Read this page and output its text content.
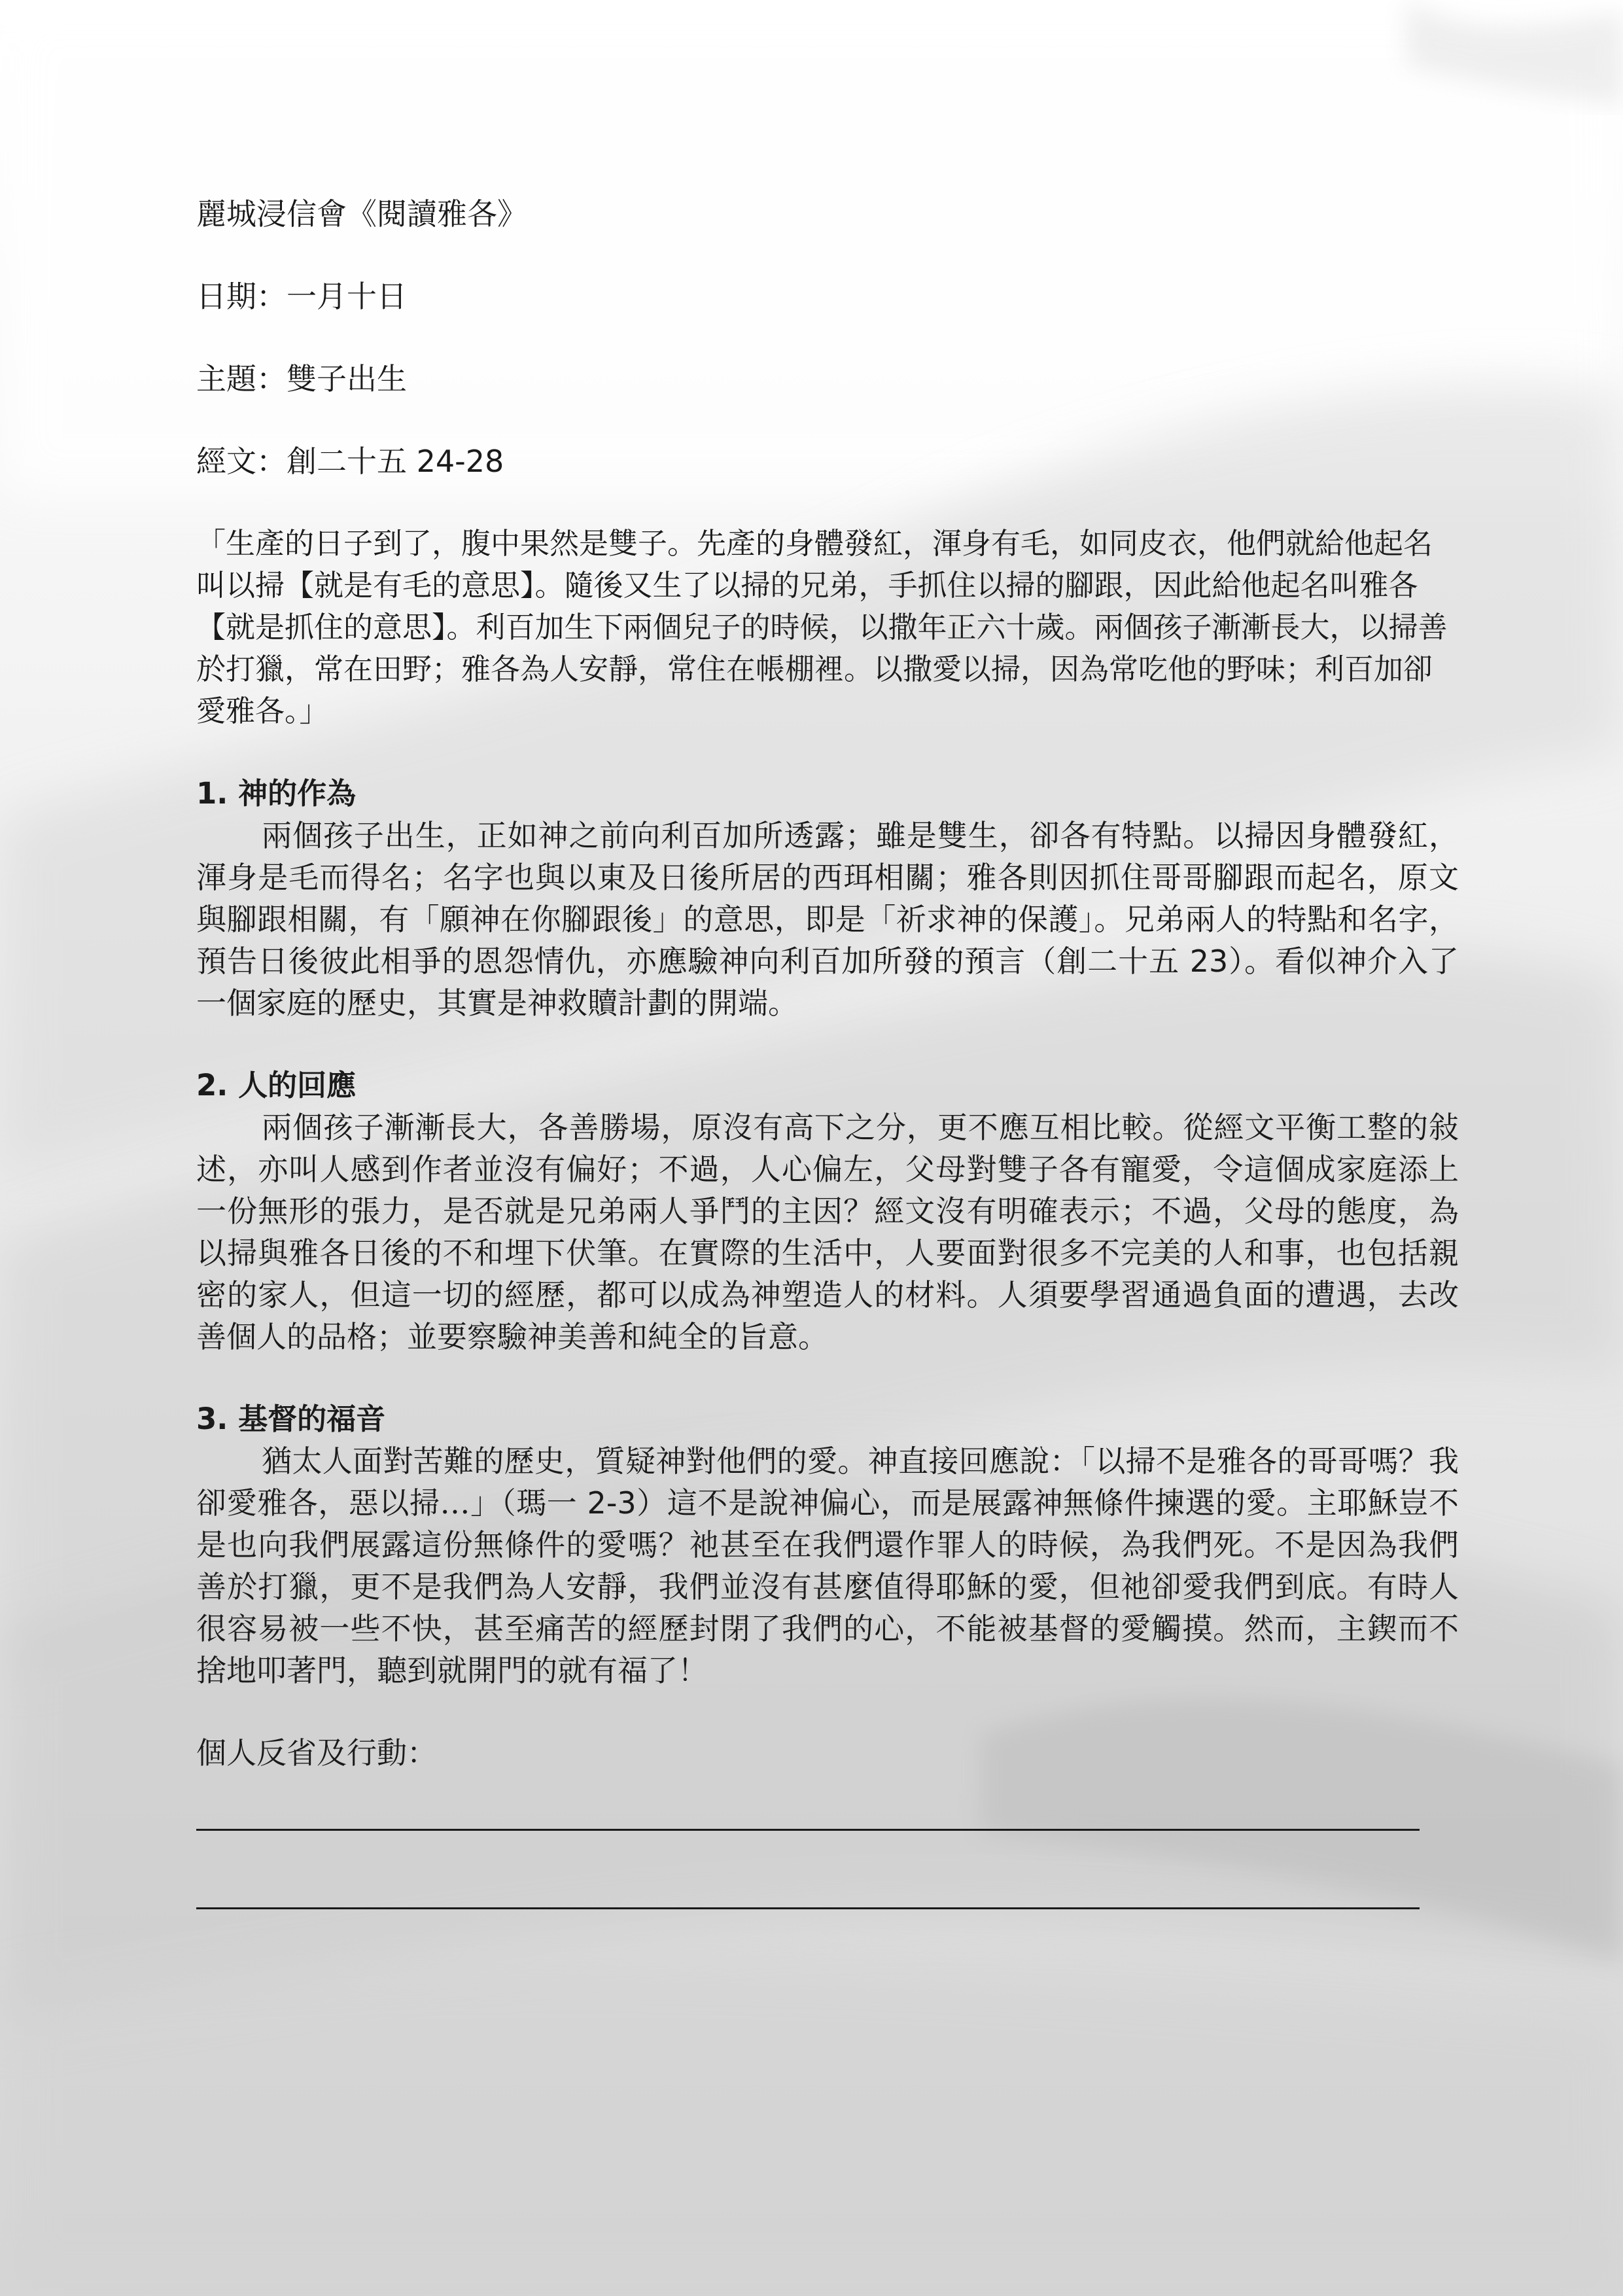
麗城浸信會《閱讀雅各》
日期：一月十日
主題：雙子出生
經文：創二十五 24-28
「生產的日子到了，腹中果然是雙子。先產的身體發紅，渾身有毛，如同皮衣，他們就給他起名叫以掃【就是有毛的意思】。隨後又生了以掃的兄弟，手抓住以掃的腳跟，因此給他起名叫雅各【就是抓住的意思】。利百加生下兩個兒子的時候，以撒年正六十歲。兩個孩子漸漸長大，以掃善於打獵，常在田野；雅各為人安靜，常住在帳棚裡。以撒愛以掃，因為常吃他的野味；利百加卻愛雅各。」
1. 神的作為

兩個孩子出生，正如神之前向利百加所透露；雖是雙生，卻各有特點。以掃因身體發紅，渾身是毛而得名；名字也與以東及日後所居的西珥相關；雅各則因抓住哥哥腳跟而起名，原文與腳跟相關，有「願神在你腳跟後」的意思，即是「祈求神的保護」。兄弟兩人的特點和名字，預告日後彼此相爭的恩怨情仇，亦應驗神向利百加所發的預言（創二十五 23）。看似神介入了一個家庭的歷史，其實是神救贖計劃的開端。

2. 人的回應

兩個孩子漸漸長大，各善勝場，原沒有高下之分，更不應互相比較。從經文平衡工整的敍述，亦叫人感到作者並沒有偏好；不過，人心偏左，父母對雙子各有寵愛，令這個成家庭添上一份無形的張力，是否就是兄弟兩人爭鬥的主因？經文沒有明確表示；不過，父母的態度，為以掃與雅各日後的不和埋下伏筆。在實際的生活中，人要面對很多不完美的人和事，也包括親密的家人，但這一切的經歷，都可以成為神塑造人的材料。人須要學習通過負面的遭遇，去改善個人的品格；並要察驗神美善和純全的旨意。

3. 基督的福音

猶太人面對苦難的歷史，質疑神對他們的愛。神直接回應說：「以掃不是雅各的哥哥嗎？我卻愛雅各，惡以掃…」（瑪一 2-3）這不是說神偏心，而是展露神無條件揀選的愛。主耶穌豈不是也向我們展露這份無條件的愛嗎？祂甚至在我們還作罪人的時候，為我們死。不是因為我們善於打獵，更不是我們為人安靜，我們並沒有甚麼值得耶穌的愛，但祂卻愛我們到底。有時人很容易被一些不快，甚至痛苦的經歷封閉了我們的心，不能被基督的愛觸摸。然而，主鍥而不捨地叩著門，聽到就開門的就有福了！

個人反省及行動：
